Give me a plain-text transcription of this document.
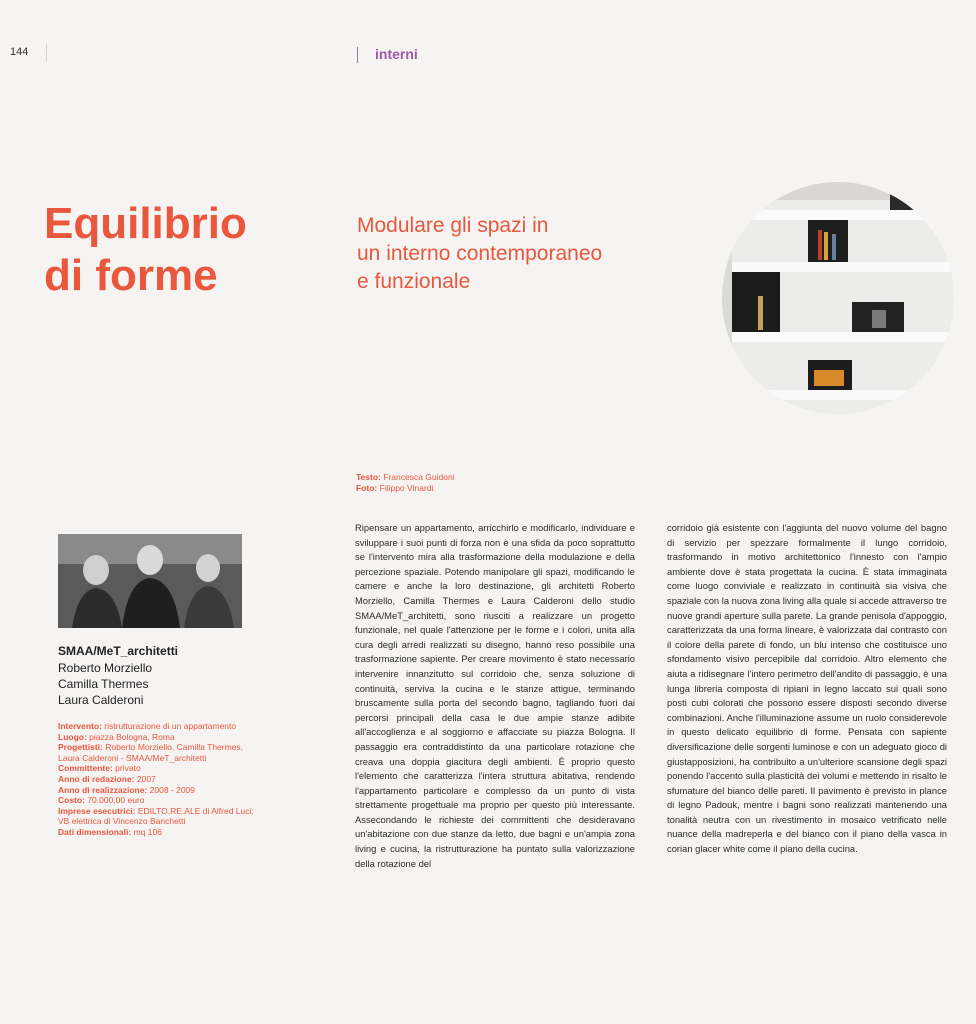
144	interni
Equilibrio
di forme
Modulare gli spazi in
un interno contemporaneo
e funzionale
Testo: Francesca Guidoni
Foto: Filippo Vinardi
SMAA/MeT_architetti
Roberto Morziello
Camilla Thermes
Laura Calderoni
Intervento: ristrutturazione di un appartamento
Luogo: piazza Bologna, Roma
Progettisti: Roberto Morziello, Camilla Thermes, Laura Calderoni - SMAA/MeT_architetti
Committente: privato
Anno di redazione: 2007
Anno di realizzazione: 2008 - 2009
Costo: 70.000,00 euro
Imprese esecutrici: EDILTO.RE.ALE di Alfred Luci; VB elettrica di Vincenzo Banchetti
Dati dimensionali: mq 106
Ripensare un appartamento, arricchirlo e modificarlo, individuare e sviluppare i suoi punti di forza non è una sfida da poco soprattutto se l'intervento mira alla trasformazione della modulazione e della percezione spaziale. Potendo manipolare gli spazi, modificando le camere e anche la loro destinazione, gli architetti Roberto Morziello, Camilla Thermes e Laura Calderoni dello studio SMAA/MeT_architetti, sono riusciti a realizzare un progetto funzionale, nel quale l'attenzione per le forme e i colori, unita alla cura degli arredi realizzati su disegno, hanno reso possibile una trasformazione sapiente. Per creare movimento è stato necessario intervenire innanzitutto sul corridoio che, senza soluzione di continuità, serviva la cucina e le stanze attigue, terminando bruscamente sulla porta del secondo bagno, tagliando fuori dai percorsi principali della casa le due ampie stanze adibite all'accoglienza e al soggiorno e affacciate su piazza Bologna. Il passaggio era contraddistinto da una particolare rotazione che creava una doppia giacitura degli ambienti. È proprio questo l'elemento che caratterizza l'intera struttura abitativa, rendendo l'appartamento particolare e complesso da un punto di vista strettamente progettuale ma proprio per questo più interessante. Assecondando le richieste dei committenti che desideravano un'abitazione con due stanze da letto, due bagni e un'ampia zona living e cucina, la ristrutturazione ha puntato sulla valorizzazione della rotazione del
corridoio già esistente con l'aggiunta del nuovo volume del bagno di servizio per spezzare formalmente il lungo corridoio, trasformando in motivo architettonico l'innesto con l'ampio ambiente dove è stata progettata la cucina. È stata immaginata come luogo conviviale e realizzato in continuità sia visiva che spaziale con la nuova zona living alla quale si accede attraverso tre nuove grandi aperture sulla parete. La grande penisola d'appoggio, caratterizzata da una forma lineare, è valorizzata dal contrasto con il colore della parete di fondo, un blu intenso che costituisce uno sfondamento visivo percepibile dal corridoio. Altro elemento che aiuta a ridisegnare l'intero perimetro dell'andito di passaggio, è una lunga libreria composta di ripiani in legno laccato sui quali sono posti cubi colorati che possono essere disposti secondo diverse combinazioni. Anche l'illuminazione assume un ruolo considerevole in questo delicato equilibrio di forme. Pensata con sapiente diversificazione delle sorgenti luminose e con un adeguato gioco di giustapposizioni, ha contribuito a un'ulteriore scansione degli spazi ponendo l'accento sulla plasticità dei volumi e mettendo in risalto le sfumature del bianco delle pareti. Il pavimento è previsto in plance di legno Padouk, mentre i bagni sono realizzati mantenendo una tonalità neutra con un rivestimento in mosaico vetrificato nelle nuance della madreperla e del bianco con il piano della vasca in corian glacer white come il piano della cucina.
